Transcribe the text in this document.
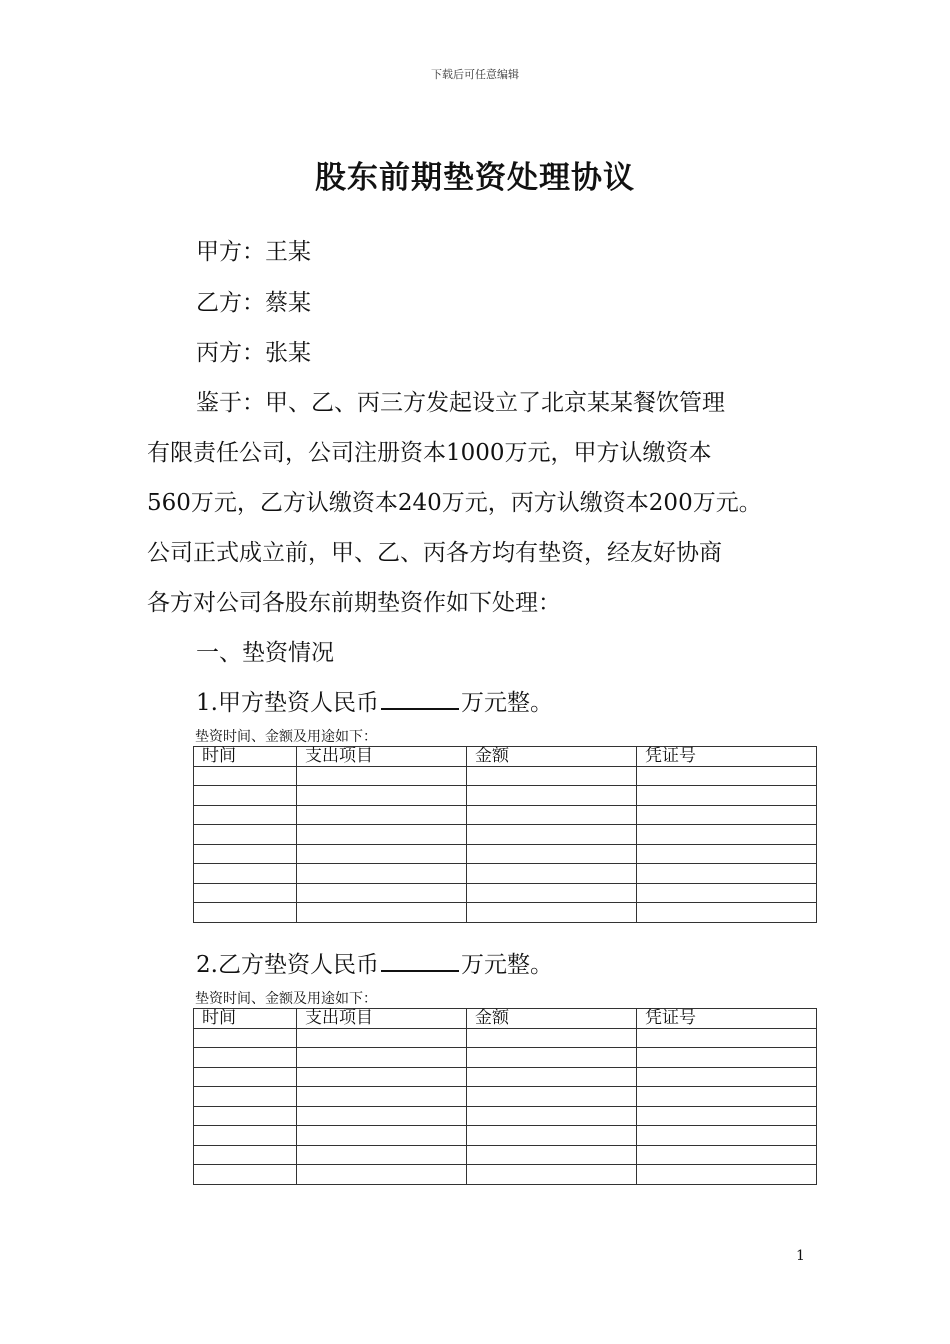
下载后可任意编辑
股东前期垫资处理协议
甲方：王某
乙方：蔡某
丙方：张某
鉴于：甲、乙、丙三方发起设立了北京某某餐饮管理
有限责任公司，公司注册资本1000万元，甲方认缴资本
560万元，乙方认缴资本240万元，丙方认缴资本200万元。
公司正式成立前，甲、乙、丙各方均有垫资，经友好协商
各方对公司各股东前期垫资作如下处理：
一、垫资情况
1.甲方垫资人民币	万元整。
垫资时间、金额及用途如下：
时间	支出项目	金额	凭证号

2.乙方垫资人民币	万元整。
垫资时间、金额及用途如下：
时间	支出项目	金额	凭证号

1
